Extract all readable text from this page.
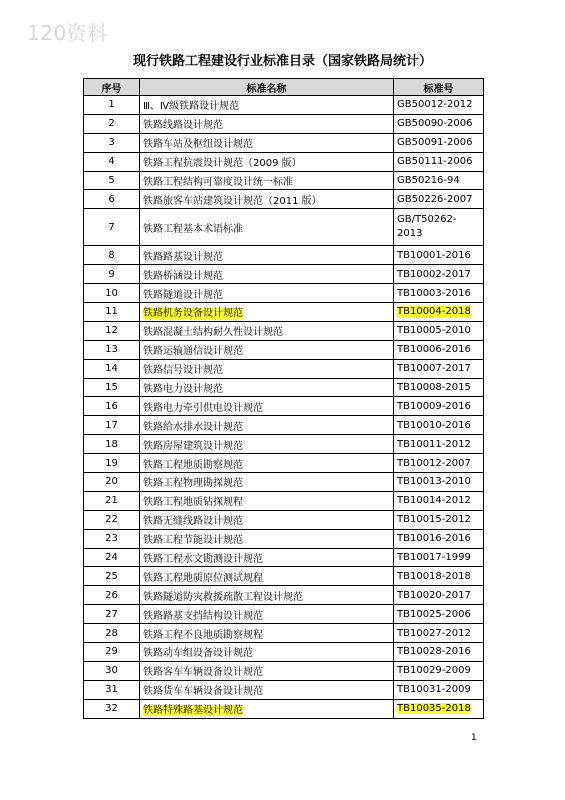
120资料
现行铁路工程建设行业标准目录（国家铁路局统计）
序号	标准名称	标准号
1	Ⅲ、Ⅳ级铁路设计规范	GB50012-2012
2	铁路线路设计规范	GB50090-2006
3	铁路车站及枢纽设计规范	GB50091-2006
4	铁路工程抗震设计规范（2009 版）	GB50111-2006
5	铁路工程结构可靠度设计统一标准	GB50216-94
6	铁路旅客车站建筑设计规范（2011 版）	GB50226-2007
7	铁路工程基本术语标准	GB/T50262-2013
8	铁路路基设计规范	TB10001-2016
9	铁路桥涵设计规范	TB10002-2017
10	铁路隧道设计规范	TB10003-2016
11	铁路机务设备设计规范	TB10004-2018
12	铁路混凝土结构耐久性设计规范	TB10005-2010
13	铁路运输通信设计规范	TB10006-2016
14	铁路信号设计规范	TB10007-2017
15	铁路电力设计规范	TB10008-2015
16	铁路电力牵引供电设计规范	TB10009-2016
17	铁路给水排水设计规范	TB10010-2016
18	铁路房屋建筑设计规范	TB10011-2012
19	铁路工程地质勘察规范	TB10012-2007
20	铁路工程物理勘探规范	TB10013-2010
21	铁路工程地质钻探规程	TB10014-2012
22	铁路无缝线路设计规范	TB10015-2012
23	铁路工程节能设计规范	TB10016-2016
24	铁路工程水文勘测设计规范	TB10017-1999
25	铁路工程地质原位测试规程	TB10018-2018
26	铁路隧道防灾救援疏散工程设计规范	TB10020-2017
27	铁路路基支挡结构设计规范	TB10025-2006
28	铁路工程不良地质勘察规程	TB10027-2012
29	铁路动车组设备设计规范	TB10028-2016
30	铁路客车车辆设备设计规范	TB10029-2009
31	铁路货车车辆设备设计规范	TB10031-2009
32	铁路特殊路基设计规范	TB10035-2018
1
